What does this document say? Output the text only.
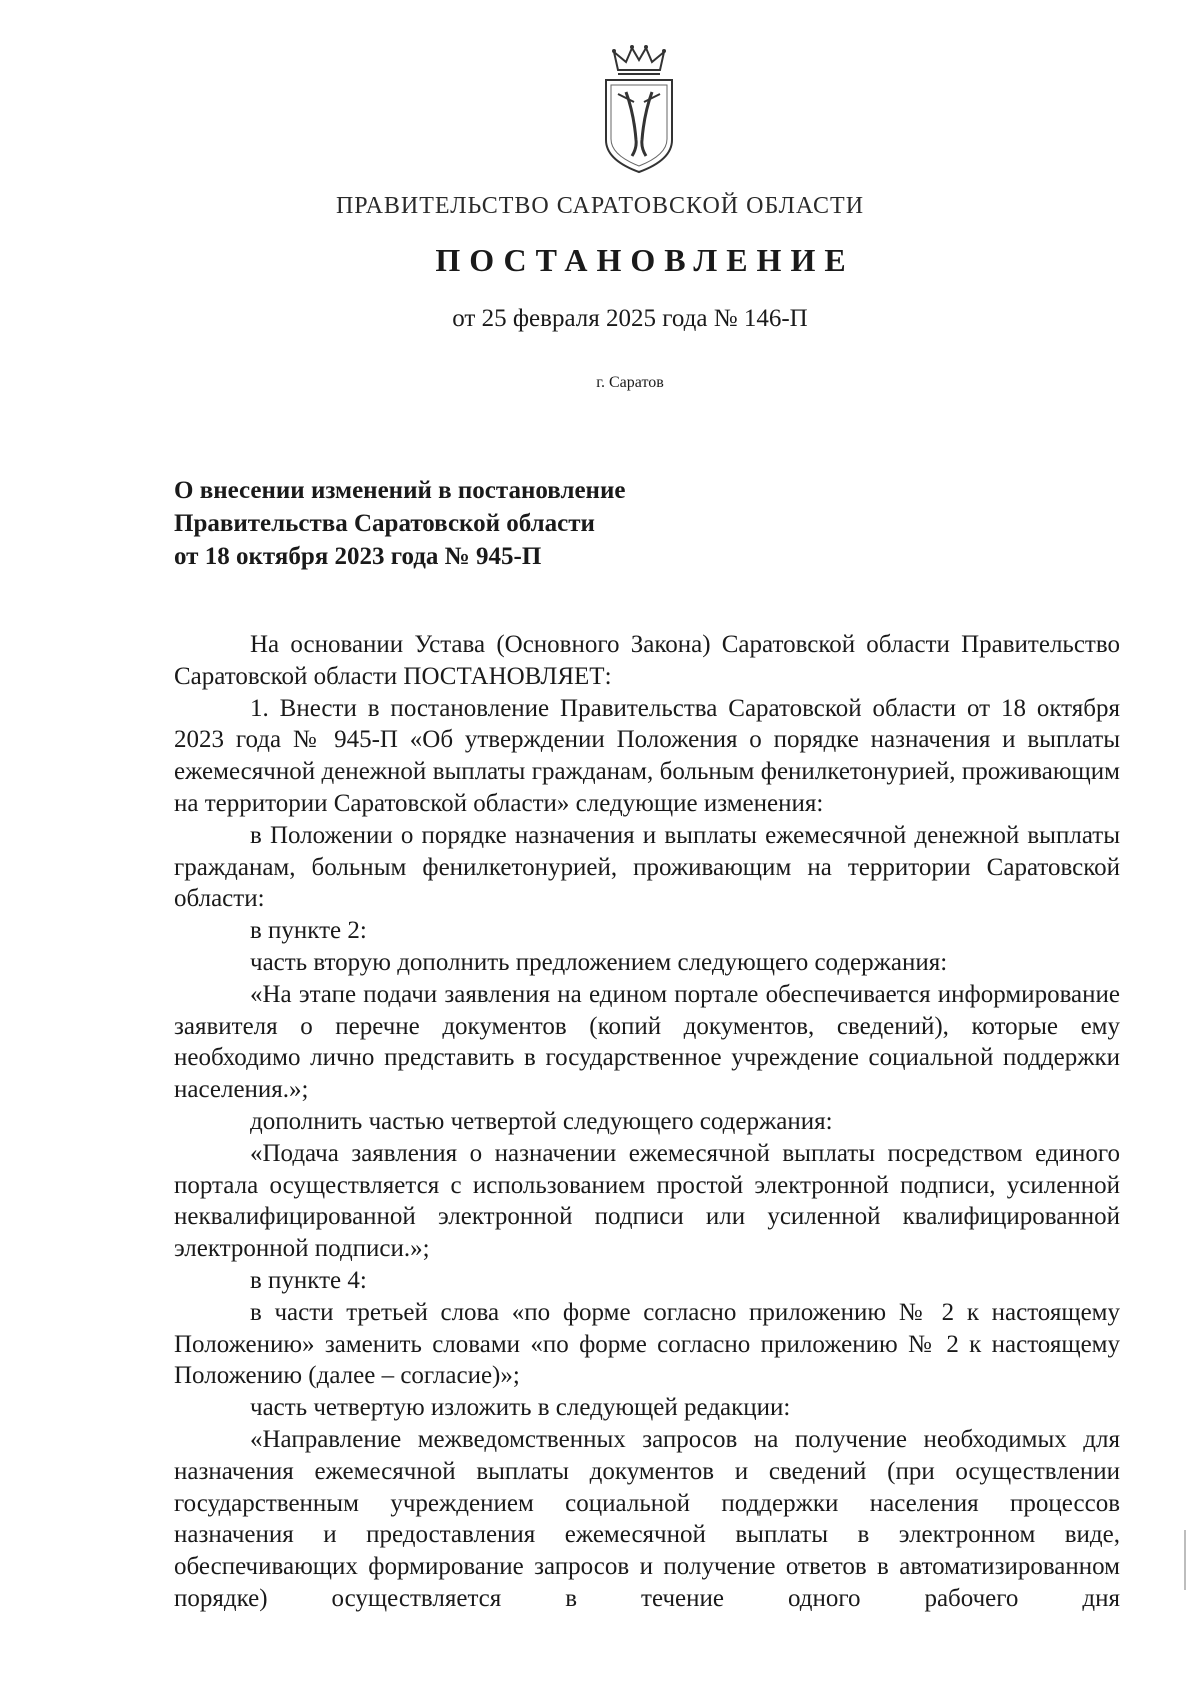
ПРАВИТЕЛЬСТВО САРАТОВСКОЙ ОБЛАСТИ
ПОСТАНОВЛЕНИЕ
от 25 февраля 2025 года № 146-П
г. Саратов
О внесении изменений в постановление
Правительства Саратовской области
от 18 октября 2023 года № 945-П

На основании Устава (Основного Закона) Саратовской области Правительство Саратовской области ПОСТАНОВЛЯЕТ:

1. Внести в постановление Правительства Саратовской области от 18 октября 2023 года № 945-П «Об утверждении Положения о порядке назначения и выплаты ежемесячной денежной выплаты гражданам, больным фенилкетонурией, проживающим на территории Саратовской области» следующие изменения:

в Положении о порядке назначения и выплаты ежемесячной денежной выплаты гражданам, больным фенилкетонурией, проживающим на территории Саратовской области:

в пункте 2:

часть вторую дополнить предложением следующего содержания:

«На этапе подачи заявления на едином портале обеспечивается информирование заявителя о перечне документов (копий документов, сведений), которые ему необходимо лично представить в государственное учреждение социальной поддержки населения.»;

дополнить частью четвертой следующего содержания:

«Подача заявления о назначении ежемесячной выплаты посредством единого портала осуществляется с использованием простой электронной подписи, усиленной неквалифицированной электронной подписи или усиленной квалифицированной электронной подписи.»;

в пункте 4:

в части третьей слова «по форме согласно приложению № 2 к настоящему Положению» заменить словами «по форме согласно приложению № 2 к настоящему Положению (далее – согласие)»;

часть четвертую изложить в следующей редакции:

«Направление межведомственных запросов на получение необходимых для назначения ежемесячной выплаты документов и сведений (при осуществлении государственным учреждением социальной поддержки населения процессов назначения и предоставления ежемесячной выплаты в электронном виде, обеспечивающих формирование запросов и получение ответов в автоматизированном порядке) осуществляется в течение одного рабочего дня
